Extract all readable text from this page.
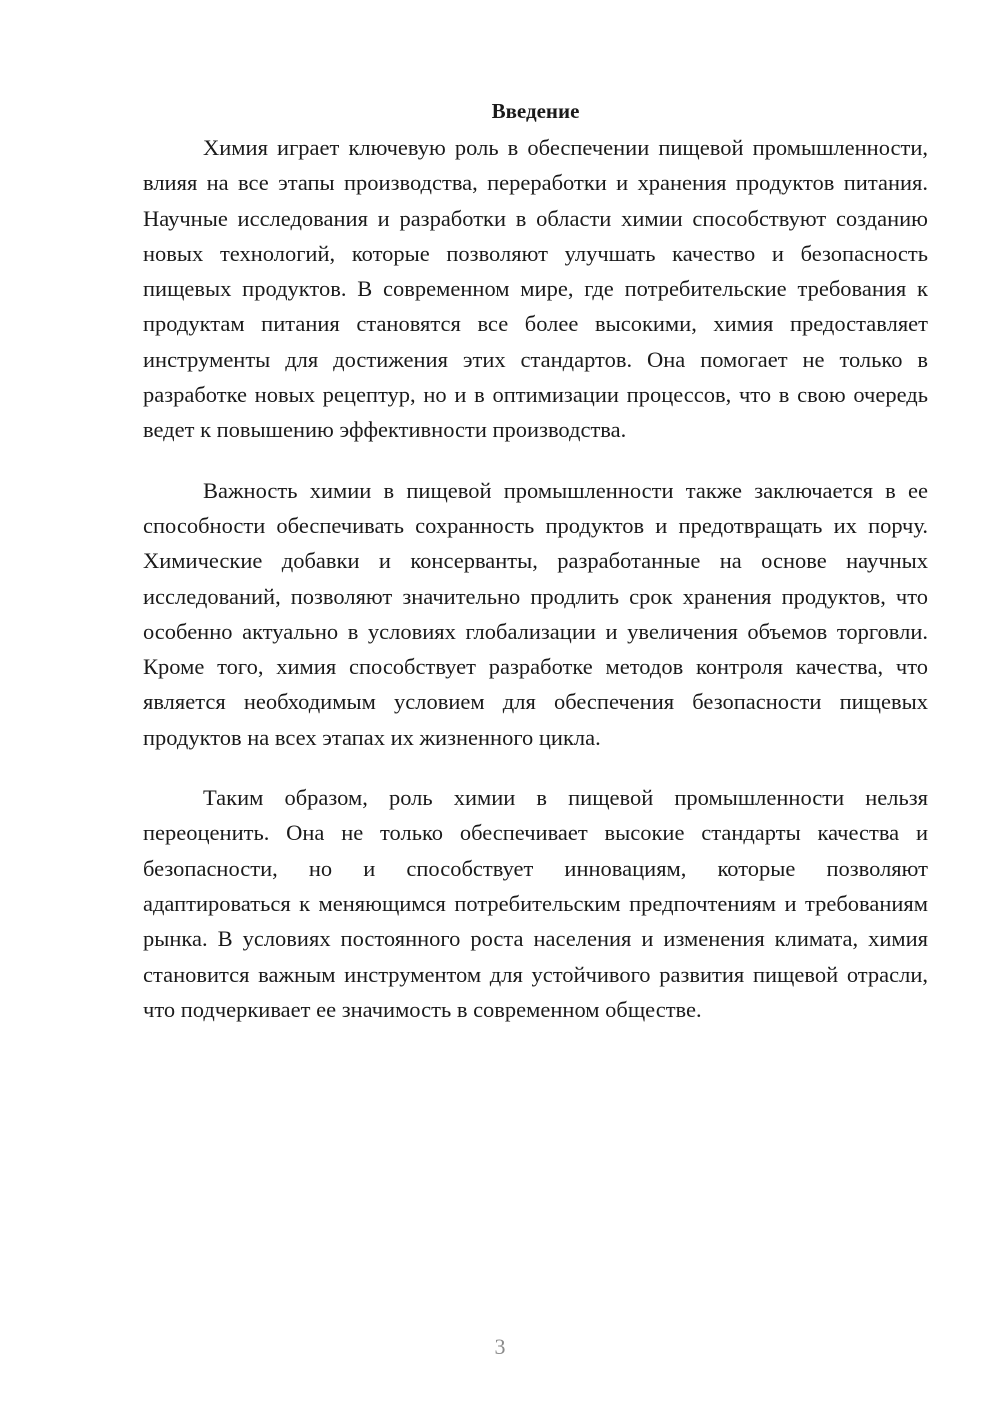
Введение

Химия играет ключевую роль в обеспечении пищевой промышленности, влияя на все этапы производства, переработки и хранения продуктов питания. Научные исследования и разработки в области химии способствуют созданию новых технологий, которые позволяют улучшать качество и безопасность пищевых продуктов. В современном мире, где потребительские требования к продуктам питания становятся все более высокими, химия предоставляет инструменты для достижения этих стандартов. Она помогает не только в разработке новых рецептур, но и в оптимизации процессов, что в свою очередь ведет к повышению эффективности производства.

Важность химии в пищевой промышленности также заключается в ее способности обеспечивать сохранность продуктов и предотвращать их порчу. Химические добавки и консерванты, разработанные на основе научных исследований, позволяют значительно продлить срок хранения продуктов, что особенно актуально в условиях глобализации и увеличения объемов торговли. Кроме того, химия способствует разработке методов контроля качества, что является необходимым условием для обеспечения безопасности пищевых продуктов на всех этапах их жизненного цикла.

Таким образом, роль химии в пищевой промышленности нельзя переоценить. Она не только обеспечивает высокие стандарты качества и безопасности, но и способствует инновациям, которые позволяют адаптироваться к меняющимся потребительским предпочтениям и требованиям рынка. В условиях постоянного роста населения и изменения климата, химия становится важным инструментом для устойчивого развития пищевой отрасли, что подчеркивает ее значимость в современном обществе.

3
